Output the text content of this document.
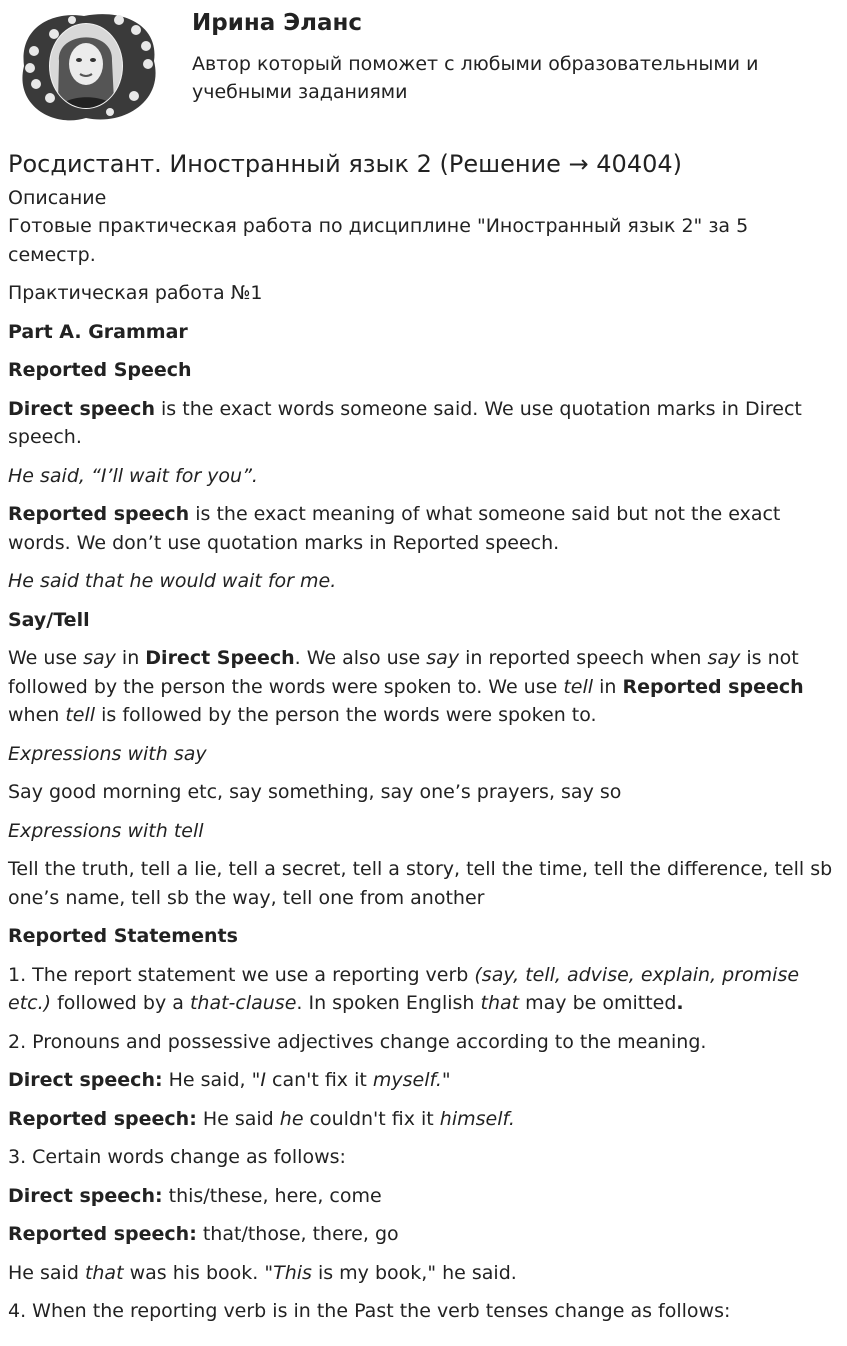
Ирина Эланс
Автор который поможет с любыми образовательными и учебными заданиями
Росдистант. Иностранный язык 2 (Решение → 40404)
Описание

Готовые практическая работа по дисциплине "Иностранный язык 2" за 5 семестр.

Практическая работа №1

Part A. Grammar

Reported Speech

Direct speech is the exact words someone said. We use quotation marks in Direct speech.

He said, “I’ll wait for you”.

Reported speech is the exact meaning of what someone said but not the exact words. We don’t use quotation marks in Reported speech.

He said that he would wait for me.

Say/Tell

We use say in Direct Speech. We also use say in reported speech when say is not followed by the person the words were spoken to. We use tell in Reported speech when tell is followed by the person the words were spoken to.

Expressions with say

Say good morning etc, say something, say one’s prayers, say so

Expressions with tell

Tell the truth, tell a lie, tell a secret, tell a story, tell the time, tell the difference, tell sb one’s name, tell sb the way, tell one from another

Reported Statements

1. The report statement we use a reporting verb (say, tell, advise, explain, promise etc.) followed by a that-clause. In spoken English that may be omitted.

2. Pronouns and possessive adjectives change according to the meaning.

Direct speech: He said, "I can't fix it myself."

Reported speech: He said he couldn't fix it himself.

3. Certain words change as follows:

Direct speech: this/these, here, come

Reported speech: that/those, there, go

He said that was his book. "This is my book," he said.

4. When the reporting verb is in the Past the verb tenses change as follows:
